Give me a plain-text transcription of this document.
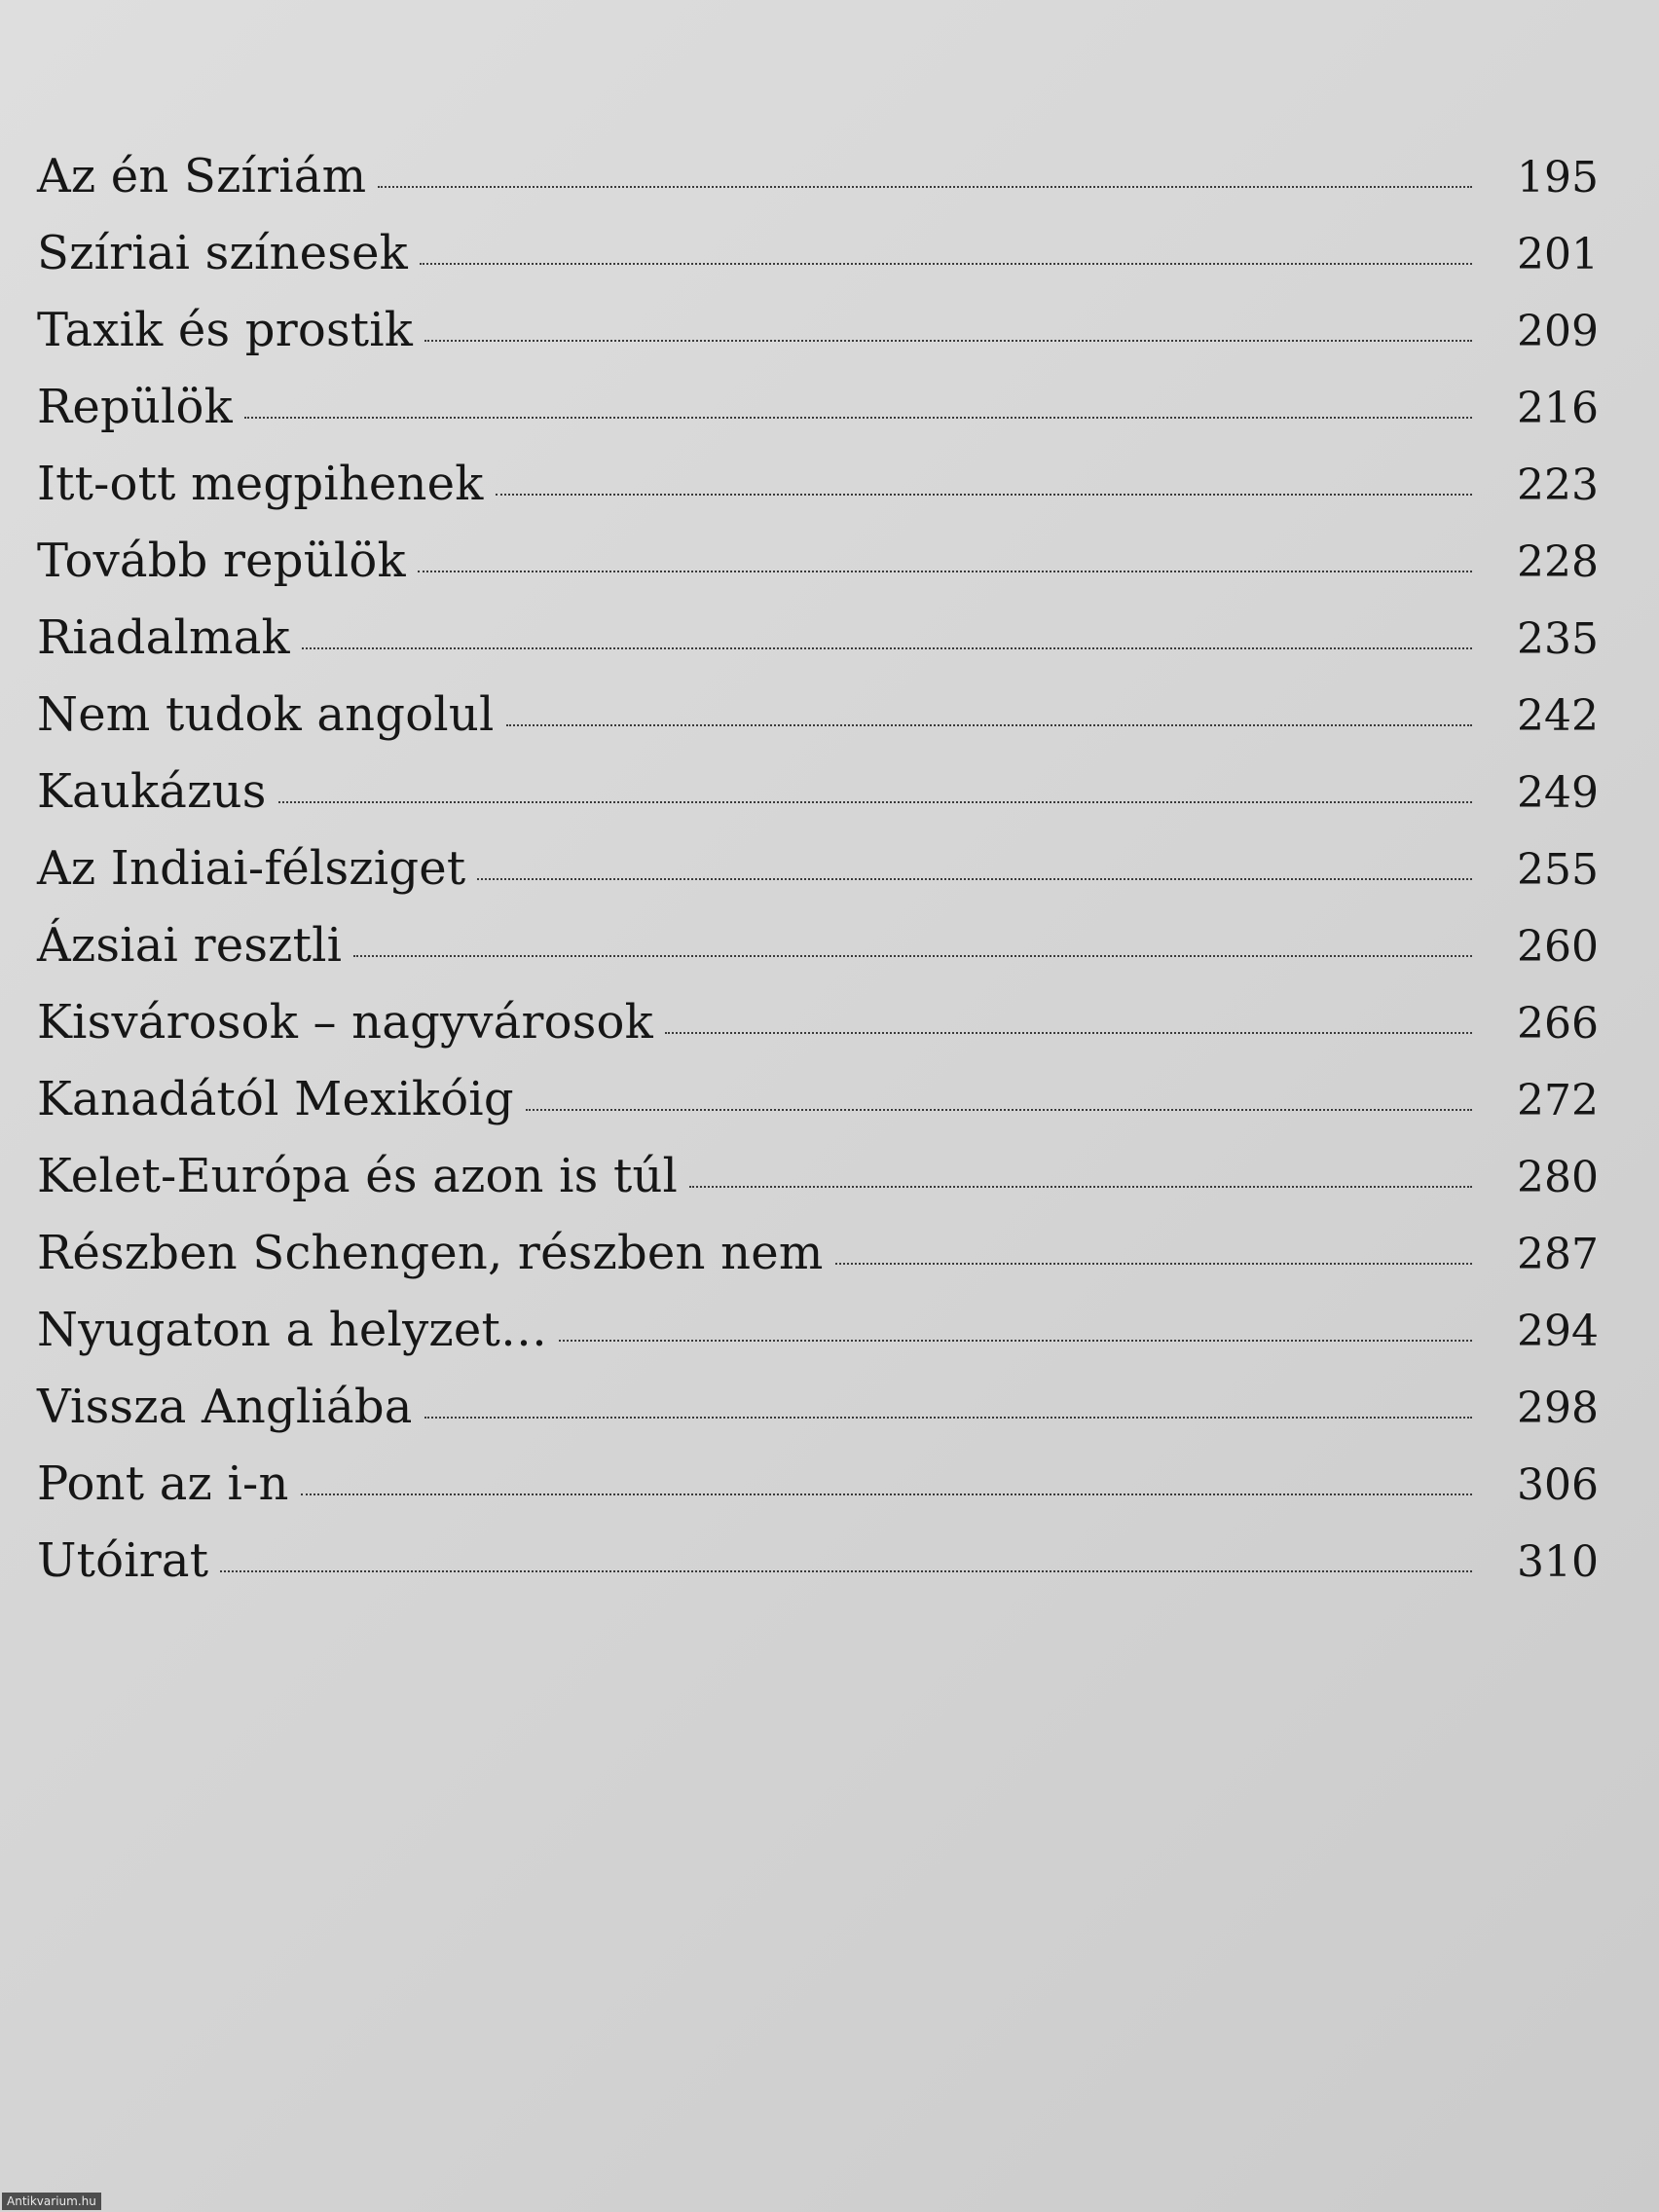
Az én Szíriám	195
Szíriai színesek	201
Taxik és prostik	209
Repülök	216
Itt-ott megpihenek	223
Tovább repülök	228
Riadalmak	235
Nem tudok angolul	242
Kaukázus	249
Az Indiai-félsziget	255
Ázsiai resztli	260
Kisvárosok – nagyvárosok	266
Kanadától Mexikóig	272
Kelet-Európa és azon is túl	280
Részben Schengen, részben nem	287
Nyugaton a helyzet…	294
Vissza Angliába	298
Pont az i-n	306
Utóirat	310
Antikvarium.hu
